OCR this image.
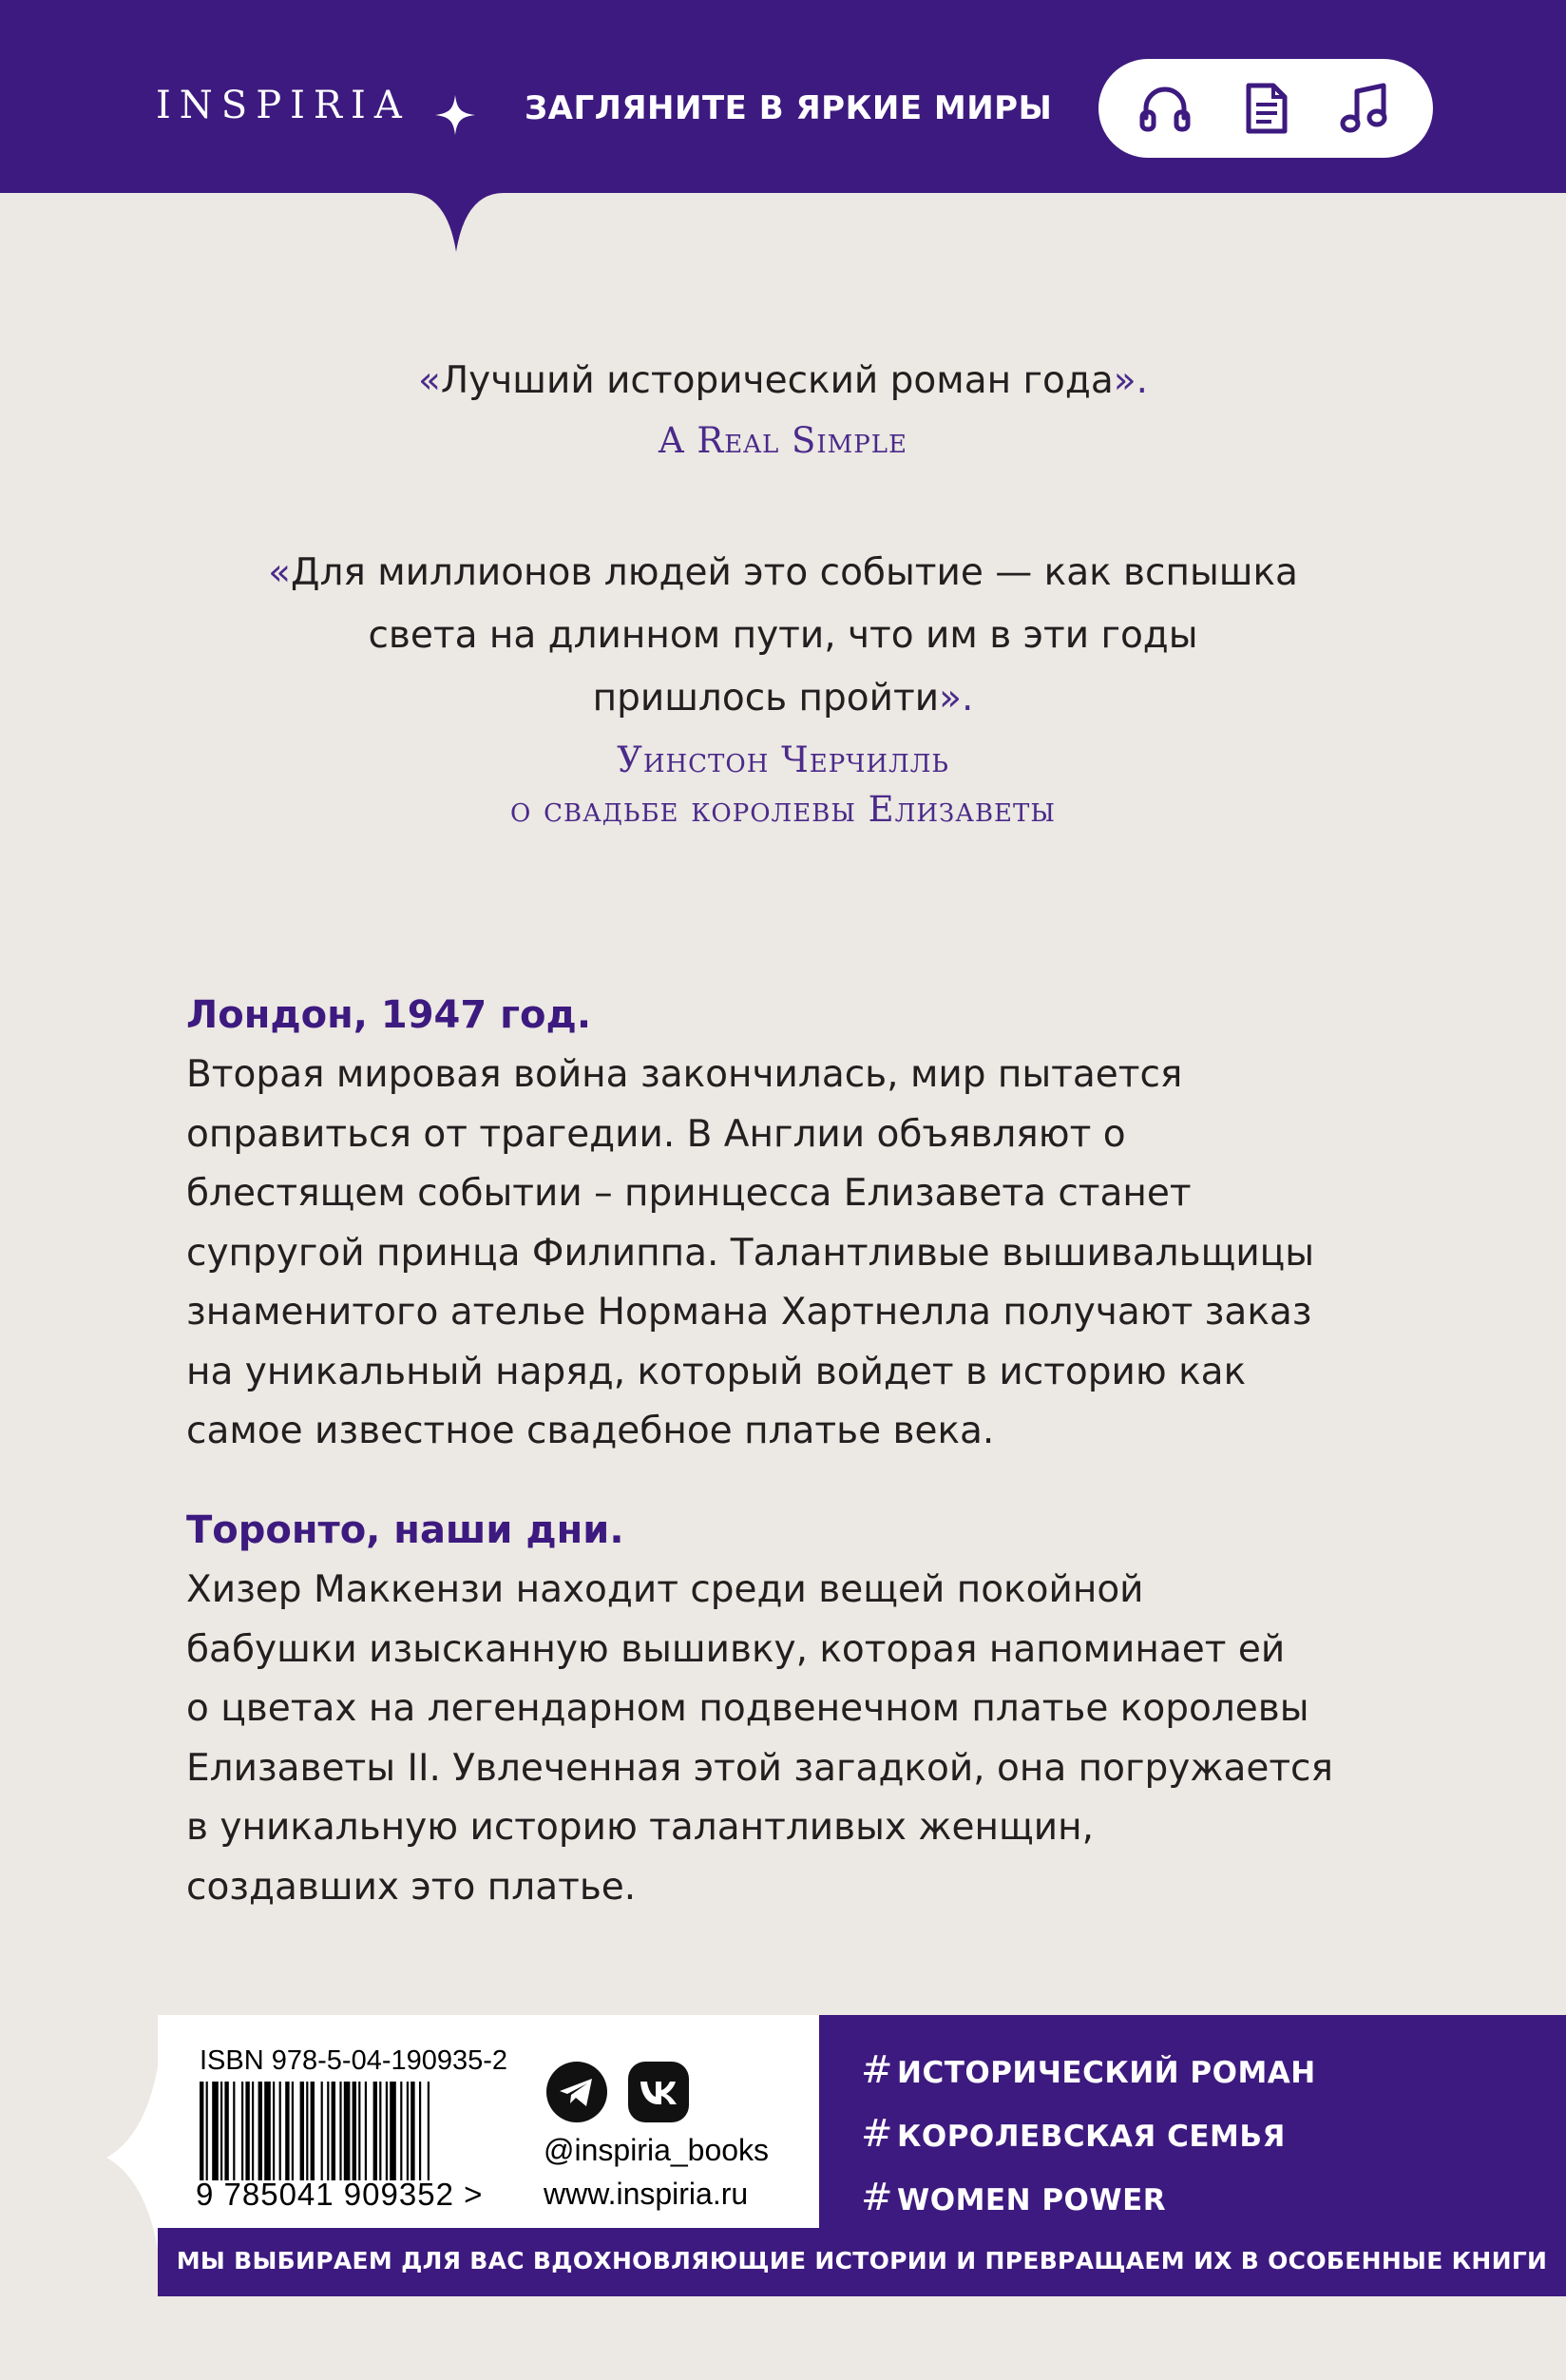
INSPIRIA	ЗАГЛЯНИТЕ В ЯРКИЕ МИРЫ
«Лучший исторический роман года».
A Real Simple
«Для миллионов людей это событие — как вспышка
света на длинном пути, что им в эти годы
пришлось пройти».
Уинстон Черчилль
о свадьбе королевы Елизаветы
Лондон, 1947 год.

Вторая мировая война закончилась, мир пытается

оправиться от трагедии. В Англии объявляют о

блестящем событии – принцесса Елизавета станет

супругой принца Филиппа. Талантливые вышивальщицы

знаменитого ателье Нормана Хартнелла получают заказ

на уникальный наряд, который войдет в историю как

самое известное свадебное платье века.

Торонто, наши дни.

Хизер Маккензи находит среди вещей покойной

бабушки изысканную вышивку, которая напоминает ей

о цветах на легендарном подвенечном платье королевы

Елизаветы II. Увлеченная этой загадкой, она погружается

в уникальную историю талантливых женщин,

создавших это платье.

ISBN 978-5-04-190935-2
9 785041 909352 >
@inspiria_books
www.inspiria.ru
# ИСТОРИЧЕСКИЙ РОМАН
# КОРОЛЕВСКАЯ СЕМЬЯ
# WOMEN POWER
МЫ ВЫБИРАЕМ ДЛЯ ВАС ВДОХНОВЛЯЮЩИЕ ИСТОРИИ И ПРЕВРАЩАЕМ ИХ В ОСОБЕННЫЕ КНИГИ
